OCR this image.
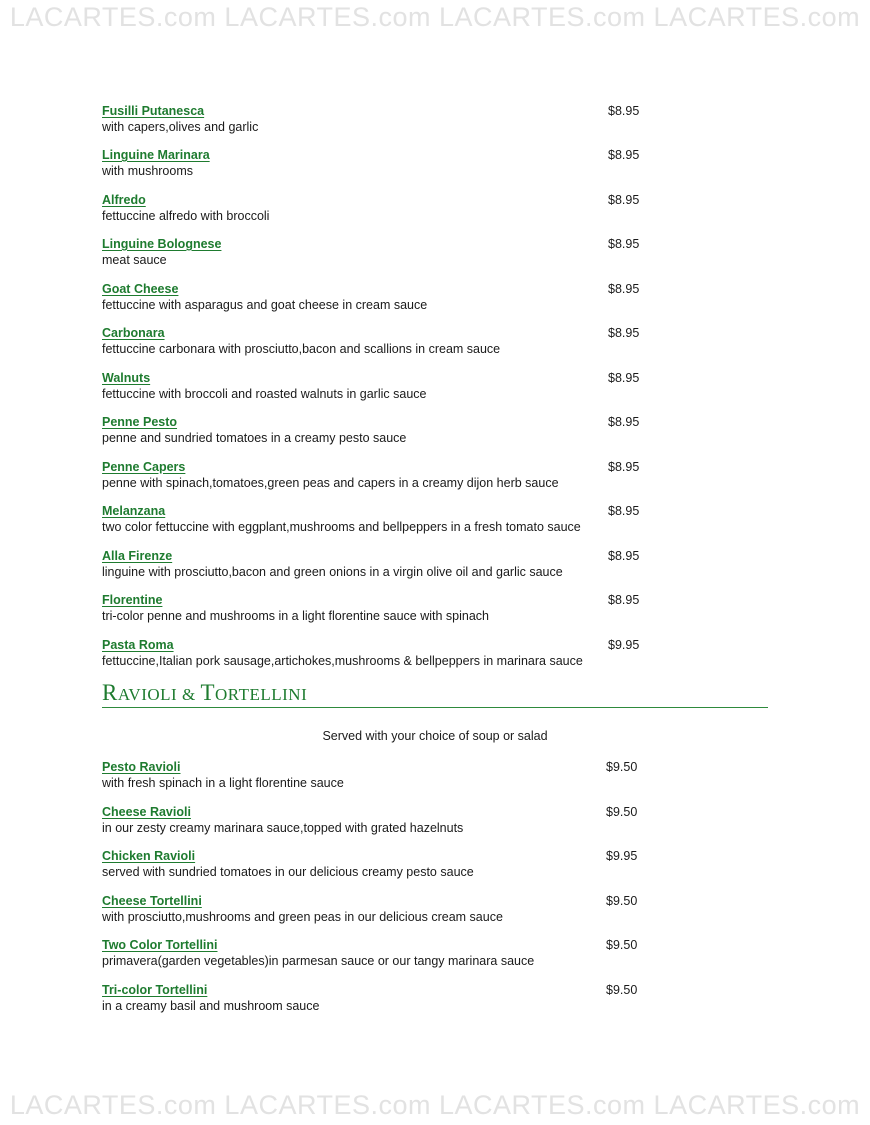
LACARTES.com LACARTES.com LACARTES.com LACARTES.com
Fusilli Putanesca
with capers,olives and garlic
$8.95
Linguine Marinara
with mushrooms
$8.95
Alfredo
fettuccine alfredo with broccoli
$8.95
Linguine Bolognese
meat sauce
$8.95
Goat Cheese
fettuccine with asparagus and goat cheese in cream sauce
$8.95
Carbonara
fettuccine carbonara with prosciutto,bacon and scallions in cream sauce
$8.95
Walnuts
fettuccine with broccoli and roasted walnuts in garlic sauce
$8.95
Penne Pesto
penne and sundried tomatoes in a creamy pesto sauce
$8.95
Penne Capers
penne with spinach,tomatoes,green peas and capers in a creamy dijon herb sauce
$8.95
Melanzana
two color fettuccine with eggplant,mushrooms and bellpeppers in a fresh tomato sauce
$8.95
Alla Firenze
linguine with prosciutto,bacon and green onions in a virgin olive oil and garlic sauce
$8.95
Florentine
tri-color penne and mushrooms in a light florentine sauce with spinach
$8.95
Pasta Roma
fettuccine,Italian pork sausage,artichokes,mushrooms & bellpeppers in marinara sauce
$9.95
RAVIOLI & TORTELLINI
Served with your choice of soup or salad
Pesto Ravioli
with fresh spinach in a light florentine sauce
$9.50
Cheese Ravioli
in our zesty creamy marinara sauce,topped with grated hazelnuts
$9.50
Chicken Ravioli
served with sundried tomatoes in our delicious creamy pesto sauce
$9.95
Cheese Tortellini
with prosciutto,mushrooms and green peas in our delicious cream sauce
$9.50
Two Color Tortellini
primavera(garden vegetables)in parmesan sauce or our tangy marinara sauce
$9.50
Tri-color Tortellini
in a creamy basil and mushroom sauce
$9.50
LACARTES.com LACARTES.com LACARTES.com LACARTES.com
